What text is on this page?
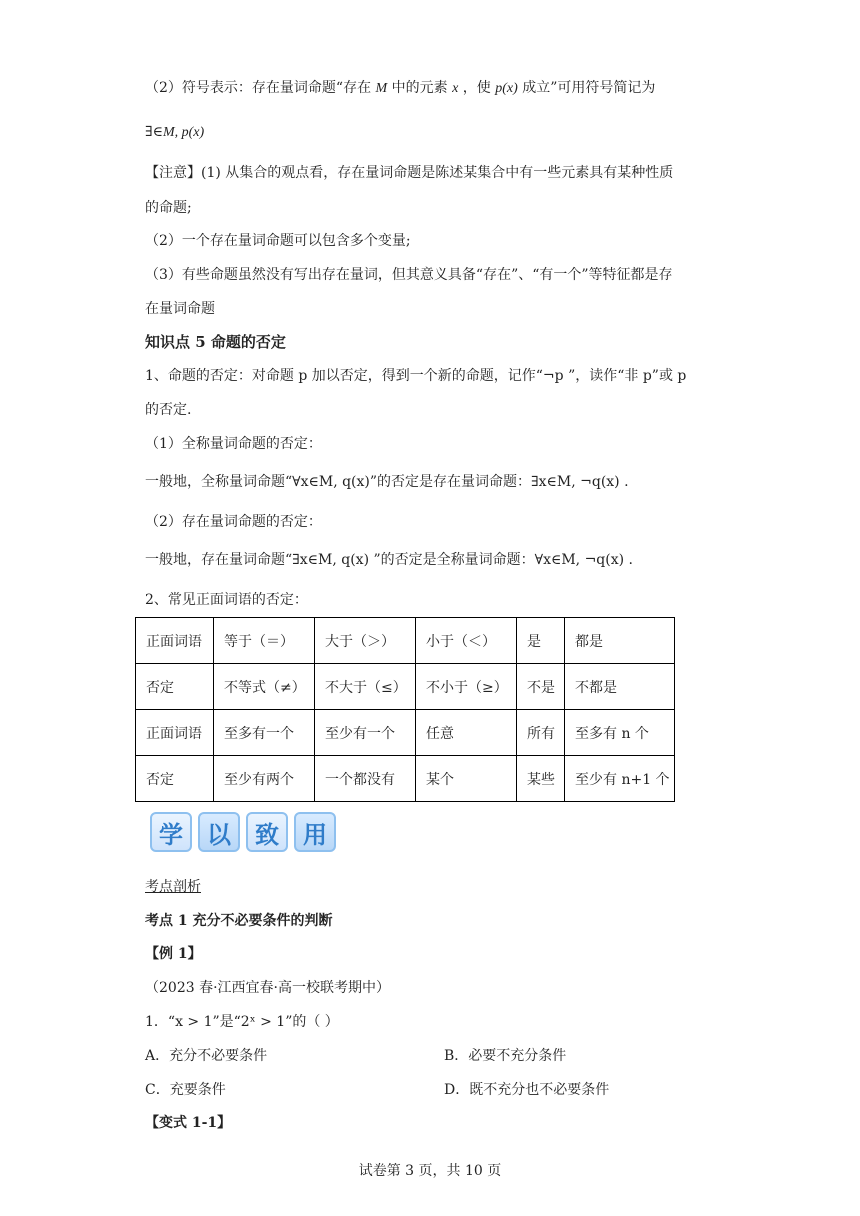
（2）符号表示：存在量词命题“存在 M 中的元素 x ，使 p(x) 成立”可用符号简记为
∃∈M, p(x)
【注意】(1) 从集合的观点看，存在量词命题是陈述某集合中有一些元素具有某种性质
的命题;
（2）一个存在量词命题可以包含多个变量;
（3）有些命题虽然没有写出存在量词，但其意义具备“存在”、“有一个”等特征都是存
在量词命题
知识点 5 命题的否定
1、命题的否定：对命题 p 加以否定，得到一个新的命题，记作“¬p ”，读作“非 p”或 p
的否定.
（1）全称量词命题的否定：
一般地，全称量词命题“∀x∈M, q(x)”的否定是存在量词命题：∃x∈M, ¬q(x) .
（2）存在量词命题的否定：
一般地，存在量词命题“∃x∈M, q(x) ”的否定是全称量词命题：∀x∈M, ¬q(x) .
2、常见正面词语的否定：
正面词语	等于（＝）	大于（＞）	小于（＜）	是	都是
否定	不等式（≠）	不大于（≤）	不小于（≥）	不是	不都是
正面词语	至多有一个	至少有一个	任意	所有	至多有 n 个
否定	至少有两个	一个都没有	某个	某些	至少有 n+1 个
学	以	致	用
考点剖析
考点 1 充分不必要条件的判断
【例 1】
（2023 春·江西宜春·高一校联考期中）
1．“x > 1”是“2ˣ > 1”的（ ）
A．充分不必要条件	B．必要不充分条件
C．充要条件	D．既不充分也不必要条件
【变式 1-1】
试卷第 3 页，共 10 页
